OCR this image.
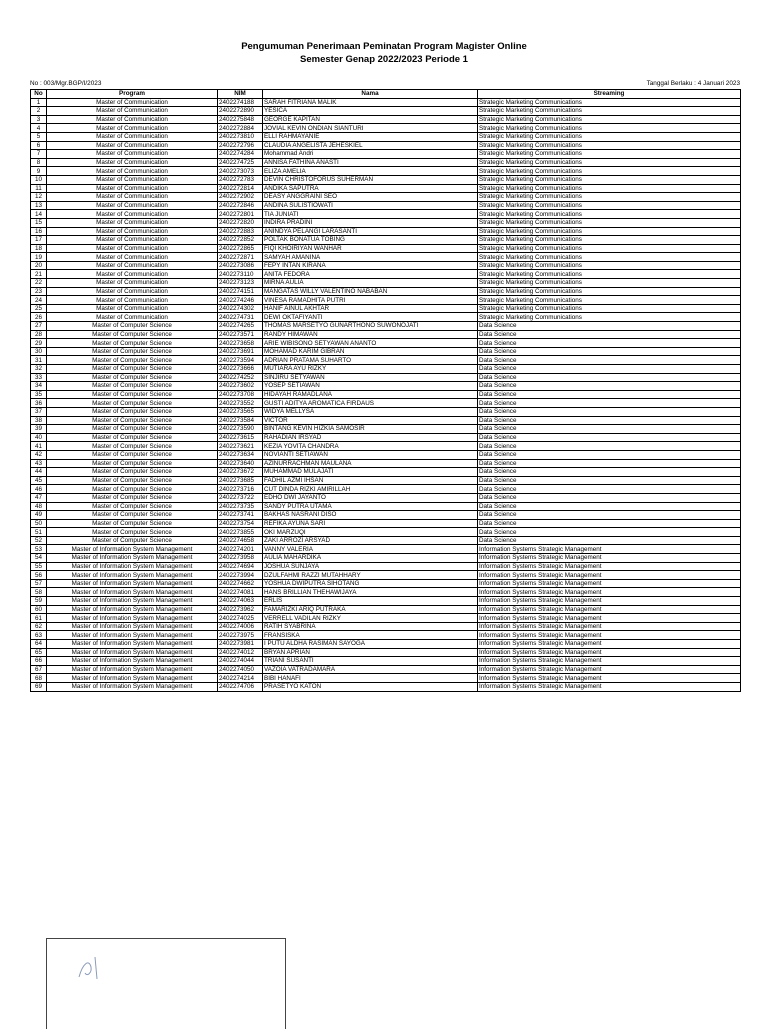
Pengumuman Penerimaan Peminatan Program Magister Online
Semester Genap 2022/2023 Periode 1
No : 003/Mgr.BGP/I/2023	Tanggal Berlaku : 4 Januari 2023
No	Program	NIM	Nama	Streaming
1	Master of Communication	2402274188	SARAH FITRIANA MALIK	Strategic Marketing Communications
2	Master of Communication	2402272890	YESICA	Strategic Marketing Communications
3	Master of Communication	2402275848	GEORGE KAPITAN	Strategic Marketing Communications
4	Master of Communication	2402272884	JOVIAL KEVIN ONDIAN SIANTURI	Strategic Marketing Communications
5	Master of Communication	2402273810	ELLI RAHMAYANIE	Strategic Marketing Communications
6	Master of Communication	2402272796	CLAUDIA ANGELISTA JEHESKIEL	Strategic Marketing Communications
7	Master of Communication	2402274284	Mohammad Andri	Strategic Marketing Communications
8	Master of Communication	2402274725	ANNISA FATHINA ANASTI	Strategic Marketing Communications
9	Master of Communication	2402273073	ELIZA AMELIA	Strategic Marketing Communications
10	Master of Communication	2402272783	DEVIN CHRISTOFORUS SUHERMAN	Strategic Marketing Communications
11	Master of Communication	2402272814	ANDIKA SAPUTRA	Strategic Marketing Communications
12	Master of Communication	2402272902	DEASY ANGGRAINI SEO	Strategic Marketing Communications
13	Master of Communication	2402272846	ANDINA SULISTIOWATI	Strategic Marketing Communications
14	Master of Communication	2402272801	TIA JUNIATI	Strategic Marketing Communications
15	Master of Communication	2402272820	INDIRA PRADINI	Strategic Marketing Communications
16	Master of Communication	2402272883	ANINDYA PELANGI LARASANTI	Strategic Marketing Communications
17	Master of Communication	2402272852	POLTAK BONATUA TOBING	Strategic Marketing Communications
18	Master of Communication	2402272865	FIQI KHOIRIYAN WANHAR	Strategic Marketing Communications
19	Master of Communication	2402272871	SAMYAH AMANINA	Strategic Marketing Communications
20	Master of Communication	2402273086	FEPY INTAN KIRANA	Strategic Marketing Communications
21	Master of Communication	2402273110	ANITA FEDORA	Strategic Marketing Communications
22	Master of Communication	2402273123	MIRNA AULIA	Strategic Marketing Communications
23	Master of Communication	2402274151	MANGATAS WILLY VALENTINO NABABAN	Strategic Marketing Communications
24	Master of Communication	2402274246	VINESA RAMADHITA PUTRI	Strategic Marketing Communications
25	Master of Communication	2402274302	HANIF AINUL AKHTAR	Strategic Marketing Communications
26	Master of Communication	2402274731	DEWI OKTAFIYANTI	Strategic Marketing Communications
27	Master of Computer Science	2402274265	THOMAS MARSETYO GUNARTHONO SUWONOJATI	Data Science
28	Master of Computer Science	2402273571	RANDY HIMAWAN	Data Science
29	Master of Computer Science	2402273658	ARIE WIBISONO SETYAWAN ANANTO	Data Science
30	Master of Computer Science	2402273691	MOHAMAD KARIM GIBRAN	Data Science
31	Master of Computer Science	2402273594	ADRIAN PRATAMA SUHARTO	Data Science
32	Master of Computer Science	2402273666	MUTIARA AYU RIZKY	Data Science
33	Master of Computer Science	2402274252	SINJIRU SETYAWAN	Data Science
34	Master of Computer Science	2402273602	YOSEP SETIAWAN	Data Science
35	Master of Computer Science	2402273708	HIDAYAH RAMADLANA	Data Science
36	Master of Computer Science	2402273552	GUSTI ADITYA AROMATICA FIRDAUS	Data Science
37	Master of Computer Science	2402273565	WIDYA MELLYSA	Data Science
38	Master of Computer Science	2402273584	VICTOR	Data Science
39	Master of Computer Science	2402273590	BINTANG KEVIN HIZKIA SAMOSIR	Data Science
40	Master of Computer Science	2402273615	RAHADIAN IRSYAD	Data Science
41	Master of Computer Science	2402273621	KEZIA YOVITA CHANDRA	Data Science
42	Master of Computer Science	2402273634	NOVIANTI SETIAWAN	Data Science
43	Master of Computer Science	2402273640	AZINURRACHMAN MAULANA	Data Science
44	Master of Computer Science	2402273672	MUHAMMAD MULAJATI	Data Science
45	Master of Computer Science	2402273685	FADHIL AZMI IHSAN	Data Science
46	Master of Computer Science	2402273716	CUT DINDA RIZKI AMIRILLAH	Data Science
47	Master of Computer Science	2402273722	EDHO DWI JAYANTO	Data Science
48	Master of Computer Science	2402273735	SANDY PUTRA UTAMA	Data Science
49	Master of Computer Science	2402273741	BAKHAS NASRANI DISO	Data Science
50	Master of Computer Science	2402273754	REFIKA AYUNA SARI	Data Science
51	Master of Computer Science	2402273855	OKI MARZUQI	Data Science
52	Master of Computer Science	2402274658	ZAKI ARROZI ARSYAD	Data Science
53	Master of Information System Management	2402274201	VANNY VALERIA	Information Systems Strategic Management
54	Master of Information System Management	2402273958	AULIA MAHARDIKA	Information Systems Strategic Management
55	Master of Information System Management	2402274694	JOSHUA SUNJAYA	Information Systems Strategic Management
56	Master of Information System Management	2402273994	DZULFAHMI RAZZI MUTAHHARY	Information Systems Strategic Management
57	Master of Information System Management	2402274662	YOSHUA DWIPUTRA SIHOTANG	Information Systems Strategic Management
58	Master of Information System Management	2402274081	HANS BRILLIAN THEHAWIJAYA	Information Systems Strategic Management
59	Master of Information System Management	2402274063	ERLIS	Information Systems Strategic Management
60	Master of Information System Management	2402273962	FAMARIZKI ARIQ PUTRAKA	Information Systems Strategic Management
61	Master of Information System Management	2402274025	VERRELL VADILAN RIZKY	Information Systems Strategic Management
62	Master of Information System Management	2402274006	RATIH SYABRINA	Information Systems Strategic Management
63	Master of Information System Management	2402273975	FRANSISKA	Information Systems Strategic Management
64	Master of Information System Management	2402273981	I PUTU ALDHA RASIMAN SAYOGA	Information Systems Strategic Management
65	Master of Information System Management	2402274012	BRYAN APRIAN	Information Systems Strategic Management
66	Master of Information System Management	2402274044	TRIANI SUSANTI	Information Systems Strategic Management
67	Master of Information System Management	2402274050	VAZOIA VATRADAMARA	Information Systems Strategic Management
68	Master of Information System Management	2402274214	BIBI HANAFI	Information Systems Strategic Management
69	Master of Information System Management	2402274706	PRASETYO KATON	Information Systems Strategic Management
